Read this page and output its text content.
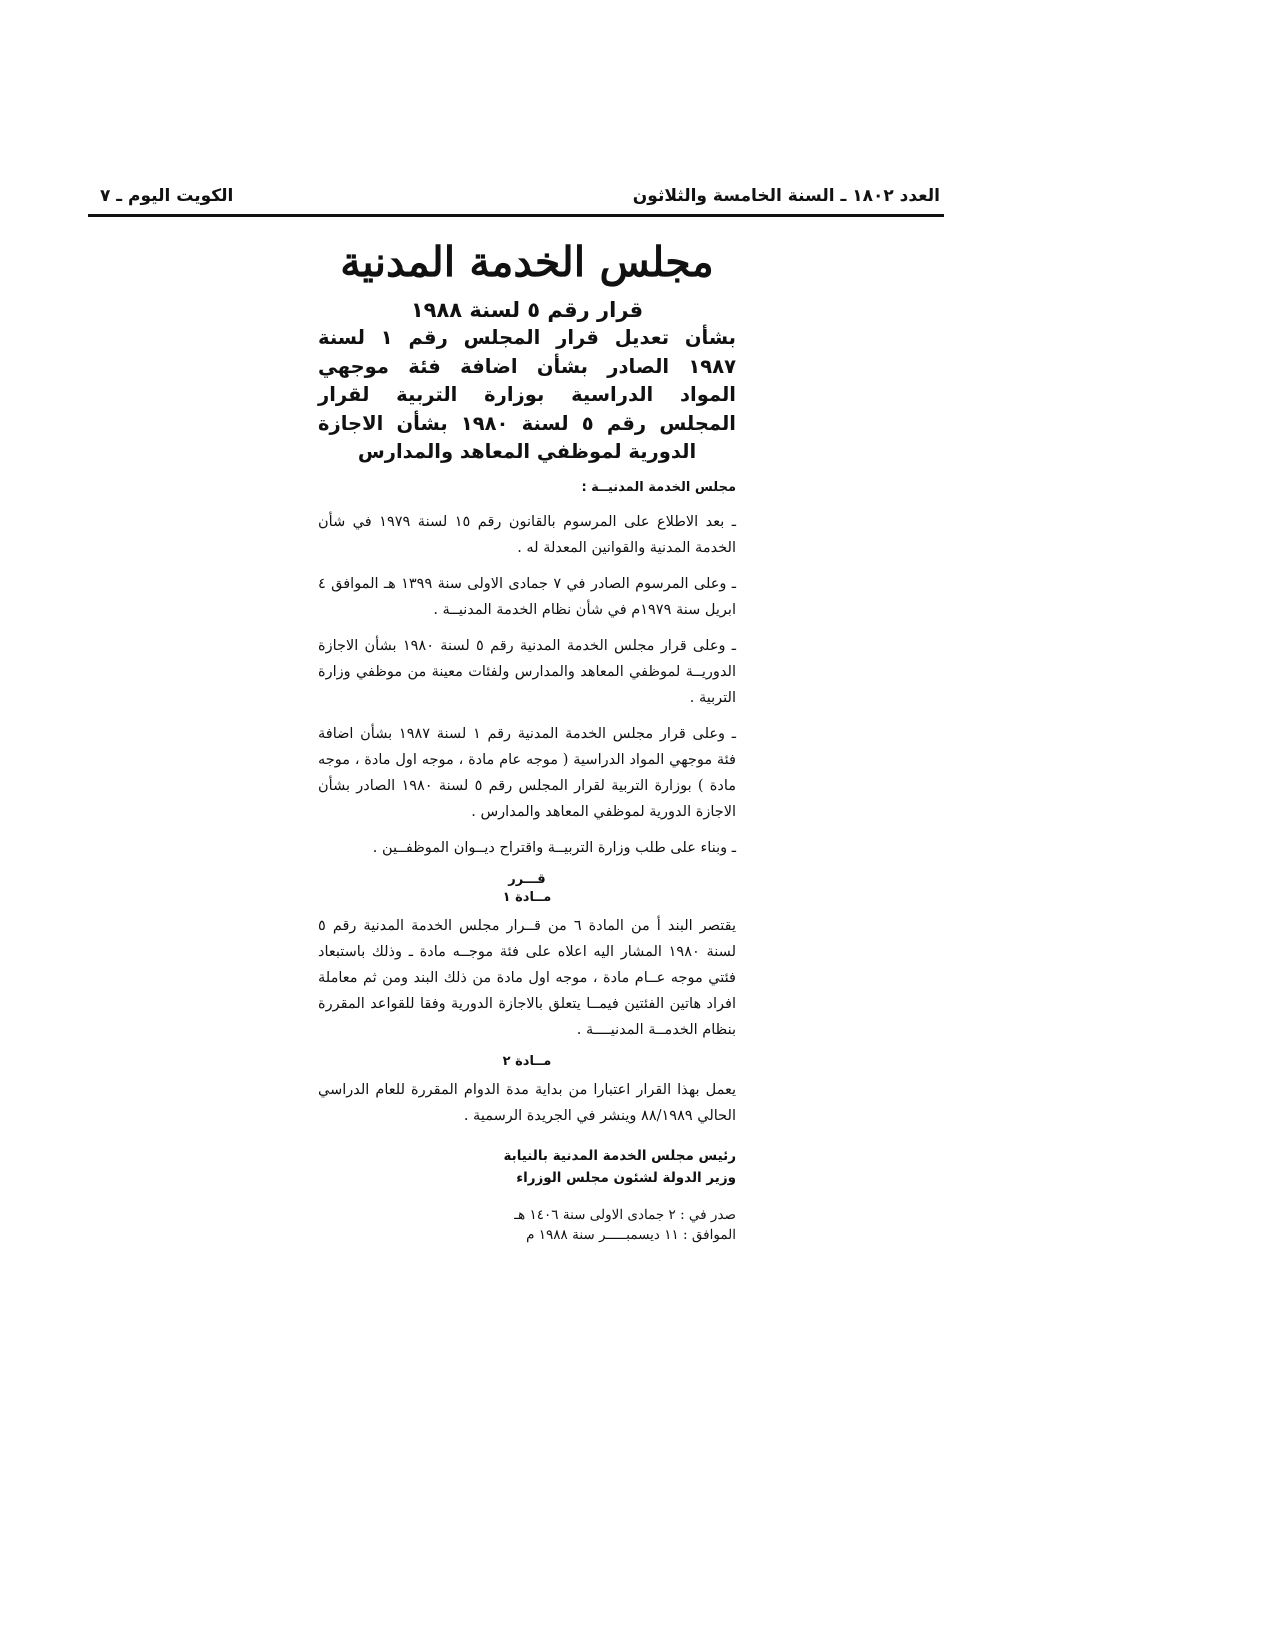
العدد ١٨٠٢ ـ السنة الخامسة والثلاثون
الكويت اليوم ـ ٧
مجلس الخدمة المدنية
قرار رقم ٥ لسنة ١٩٨٨
بشأن تعديل قرار المجلس رقم ١ لسنة ١٩٨٧ الصادر بشأن اضافة فئة موجهي المواد الدراسية بوزارة التربية لقرار المجلس رقم ٥ لسنة ١٩٨٠ بشأن الاجازة الدورية لموظفي المعاهد والمدارس
مجلس الخدمة المدنيــة :

ـ بعد الاطلاع على المرسوم بالقانون رقم ١٥ لسنة ١٩٧٩ في شأن الخدمة المدنية والقوانين المعدلة له .

ـ وعلى المرسوم الصادر في ٧ جمادى الاولى سنة ١٣٩٩ هـ الموافق ٤ ابريل سنة ١٩٧٩م في شأن نظام الخدمة المدنيــة .

ـ وعلى قرار مجلس الخدمة المدنية رقم ٥ لسنة ١٩٨٠ بشأن الاجازة الدوريــة لموظفي المعاهد والمدارس ولفئات معينة من موظفي وزارة التربية .

ـ وعلى قرار مجلس الخدمة المدنية رقم ١ لسنة ١٩٨٧ بشأن اضافة فئة موجهي المواد الدراسية ( موجه عام مادة ، موجه اول مادة ، موجه مادة ) بوزارة التربية لقرار المجلس رقم ٥ لسنة ١٩٨٠ الصادر بشأن الاجازة الدورية لموظفي المعاهد والمدارس .

ـ وبناء على طلب وزارة التربيــة واقتراح ديــوان الموظفــين .

قـــرر
مــادة ١

يقتصر البند أ من المادة ٦ من قــرار مجلس الخدمة المدنية رقم ٥ لسنة ١٩٨٠ المشار اليه اعلاه على فئة موجــه مادة ـ وذلك باستبعاد فئتي موجه عــام مادة ، موجه اول مادة من ذلك البند ومن ثم معاملة افراد هاتين الفئتين فيمــا يتعلق بالاجازة الدورية وفقا للقواعد المقررة بنظام الخدمــة المدنيــــة .

مــادة ٢

يعمل بهذا القرار اعتبارا من بداية مدة الدوام المقررة للعام الدراسي الحالي ٨٨/١٩٨٩ وينشر في الجريدة الرسمية .

رئيس مجلس الخدمة المدنية بالنيابة
وزير الدولة لشئون مجلس الوزراء
صدر في : ٢ جمادى الاولى سنة ١٤٠٦ هـ
الموافق : ١١ ديسمبـــــر سنة ١٩٨٨ م
